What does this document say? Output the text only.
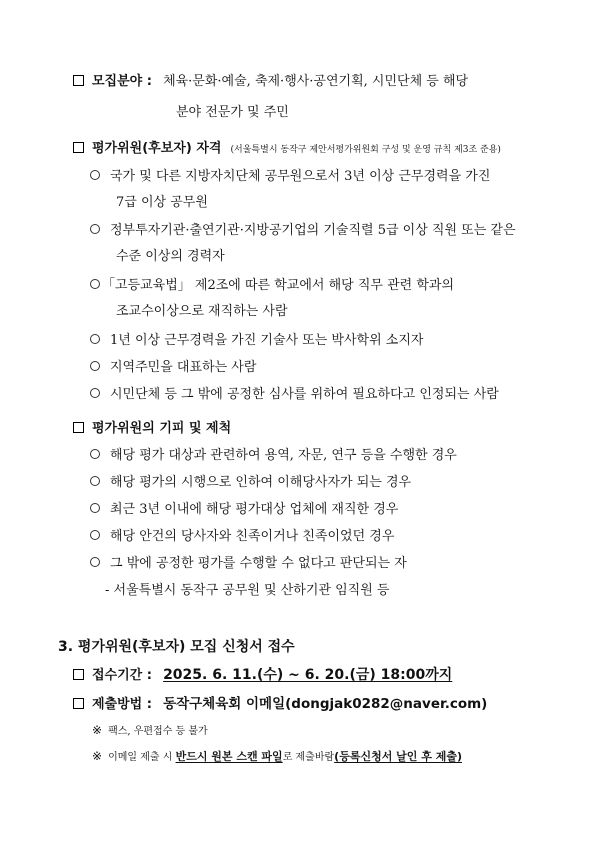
모집분야 : 체육·문화·예술, 축제·행사·공연기획, 시민단체 등 해당
분야 전문가 및 주민
평가위원(후보자) 자격 (서울특별시 동작구 제안서평가위원회 구성 및 운영 규칙 제3조 준용)
국가 및 다른 지방자치단체 공무원으로서 3년 이상 근무경력을 가진
7급 이상 공무원
정부투자기관·출연기관·지방공기업의 기술직렬 5급 이상 직원 또는 같은
수준 이상의 경력자
「고등교육법」 제2조에 따른 학교에서 해당 직무 관련 학과의
조교수이상으로 재직하는 사람
1년 이상 근무경력을 가진 기술사 또는 박사학위 소지자
지역주민을 대표하는 사람
시민단체 등 그 밖에 공정한 심사를 위하여 필요하다고 인정되는 사람
평가위원의 기피 및 제척
해당 평가 대상과 관련하여 용역, 자문, 연구 등을 수행한 경우
해당 평가의 시행으로 인하여 이해당사자가 되는 경우
최근 3년 이내에 해당 평가대상 업체에 재직한 경우
해당 안건의 당사자와 친족이거나 친족이었던 경우
그 밖에 공정한 평가를 수행할 수 없다고 판단되는 자
- 서울특별시 동작구 공무원 및 산하기관 임직원 등
3. 평가위원(후보자) 모집 신청서 접수
접수기간 : 2025. 6. 11.(수) ~ 6. 20.(금) 18:00까지
제출방법 : 동작구체육회 이메일(dongjak0282@naver.com)
※ 팩스, 우편접수 등 불가
※ 이메일 제출 시 반드시 원본 스캔 파일로 제출바람(등록신청서 날인 후 제출)
